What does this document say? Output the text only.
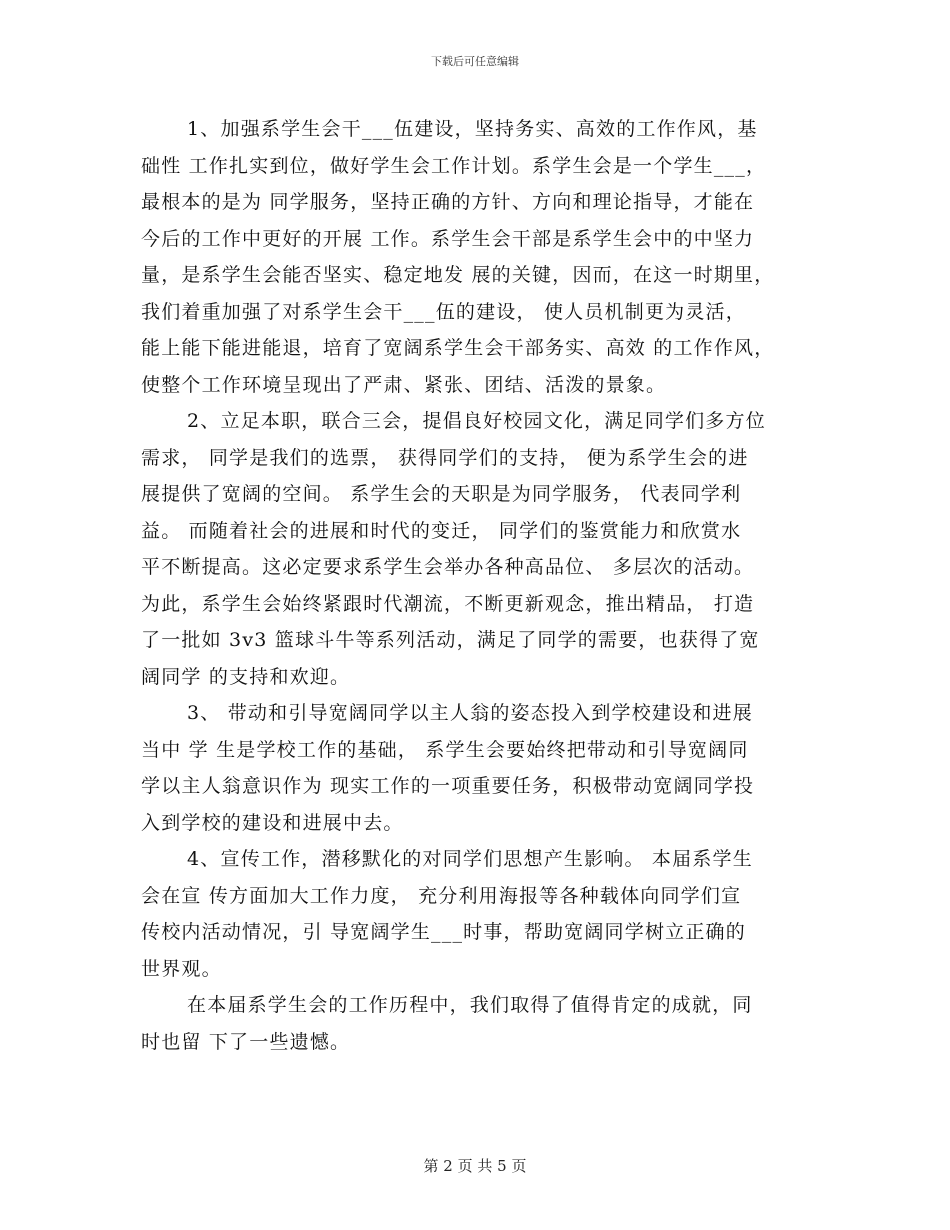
下载后可任意编辑
1、加强系学生会干___伍建设，坚持务实、高效的工作作风，基
础性 工作扎实到位，做好学生会工作计划。系学生会是一个学生___，
最根本的是为 同学服务，坚持正确的方针、方向和理论指导，才能在
今后的工作中更好的开展 工作。系学生会干部是系学生会中的中坚力
量，是系学生会能否坚实、稳定地发 展的关键，因而，在这一时期里，
我们着重加强了对系学生会干___伍的建设， 使人员机制更为灵活，
能上能下能进能退，培育了宽阔系学生会干部务实、高效 的工作作风，
使整个工作环境呈现出了严肃、紧张、团结、活泼的景象。
2、立足本职，联合三会，提倡良好校园文化，满足同学们多方位
需求， 同学是我们的选票， 获得同学们的支持， 便为系学生会的进
展提供了宽阔的空间。 系学生会的天职是为同学服务， 代表同学利
益。 而随着社会的进展和时代的变迁， 同学们的鉴赏能力和欣赏水
平不断提高。这必定要求系学生会举办各种高品位、 多层次的活动。
为此，系学生会始终紧跟时代潮流，不断更新观念，推出精品， 打造
了一批如 3v3 篮球斗牛等系列活动，满足了同学的需要，也获得了宽
阔同学 的支持和欢迎。
3、 带动和引导宽阔同学以主人翁的姿态投入到学校建设和进展
当中 学 生是学校工作的基础， 系学生会要始终把带动和引导宽阔同
学以主人翁意识作为 现实工作的一项重要任务，积极带动宽阔同学投
入到学校的建设和进展中去。
4、宣传工作，潜移默化的对同学们思想产生影响。 本届系学生
会在宣 传方面加大工作力度， 充分利用海报等各种载体向同学们宣
传校内活动情况，引 导宽阔学生___时事，帮助宽阔同学树立正确的
世界观。
在本届系学生会的工作历程中，我们取得了值得肯定的成就，同
时也留 下了一些遗憾。
第 2 页 共 5 页
